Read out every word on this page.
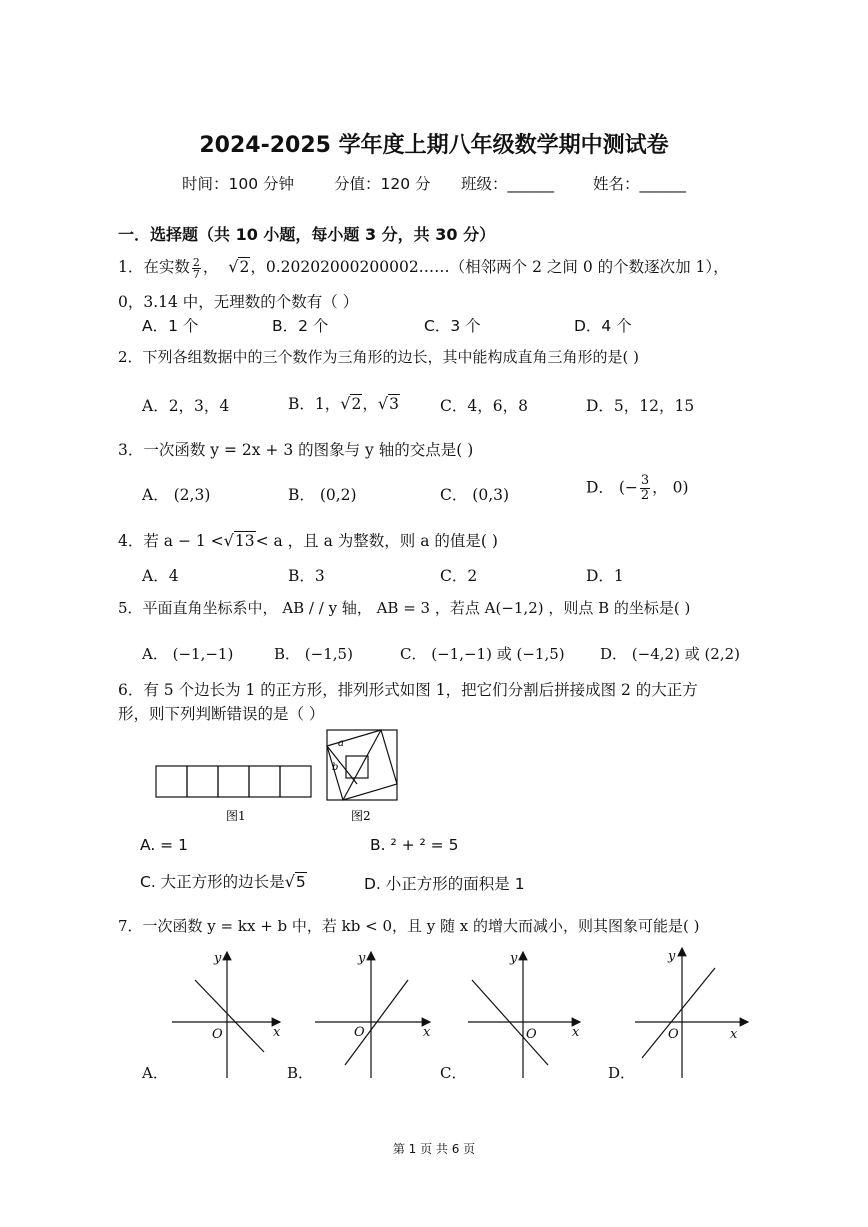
2024-2025 学年度上期八年级数学期中测试卷
时间：100 分钟	分值：120 分 班级：______	姓名：______
一．选择题（共 10 小题，每小题 3 分，共 30 分）
1．在实数 $\frac{2}{7}$ ， √2，0.20202000200002……（相邻两个 2 之间 0 的个数逐次加 1），
0，3.14 中，无理数的个数有（ ）
A．1 个	B．2 个	C．3 个	D．4 个
2．下列各组数据中的三个数作为三角形的边长，其中能构成直角三角形的是( )
A．2，3，4	B．1，√2，√3	C．4，6，8	D．5，12，15
3．一次函数 y = 2x + 3 的图象与 y 轴的交点是( )
A． (2,3)	B． (0,2)	C． (0,3)	D． (− $\frac{3}{2}$ ， 0)
4．若 a − 1 <√13< a ，且 a 为整数，则 a 的值是( )
A．4	B．3	C．2	D．1
5．平面直角坐标系中， AB / / y 轴， AB = 3 ，若点 A(−1,2) ，则点 B 的坐标是( )
A． (−1,−1)	B． (−1,5)	C． (−1,−1) 或 (−1,5) D． (−4,2) 或 (2,2)
6．有 5 个边长为 1 的正方形，排列形式如图 1，把它们分割后拼接成图 2 的大正方
形，则下列判断错误的是（ ）
a
b
图1	图2
A. = 1	B. ² + ² = 5
C. 大正方形的边长是√5	D. 小正方形的面积是 1
7．一次函数 y = kx + b 中，若 kb < 0，且 y 随 x 的增大而减小，则其图象可能是( )
y
x
O
y
x
O
y
x
O
y
x
O
A．	B．	C．	D．
第 1 页 共 6 页
